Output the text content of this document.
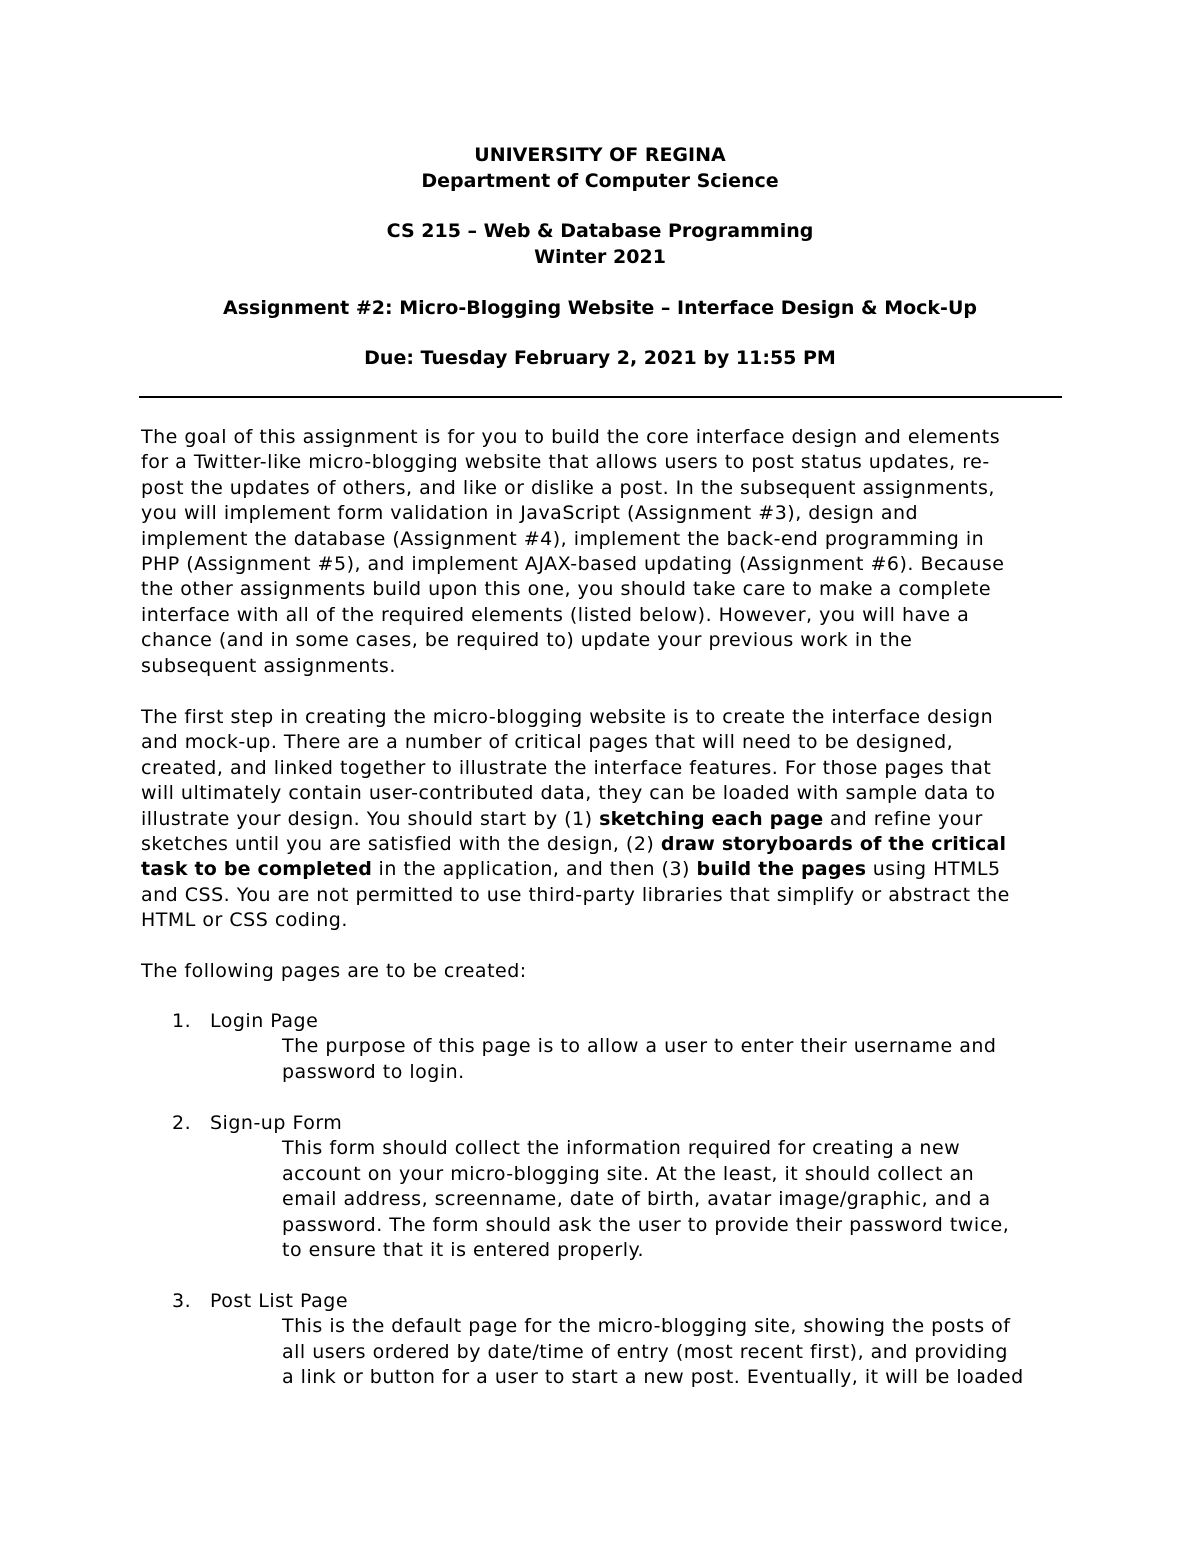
UNIVERSITY OF REGINA
Department of Computer Science
CS 215 – Web & Database Programming
Winter 2021
Assignment #2: Micro-Blogging Website – Interface Design & Mock-Up
Due: Tuesday February 2, 2021 by 11:55 PM

The goal of this assignment is for you to build the core interface design and elements
for a Twitter-like micro-blogging website that allows users to post status updates, re-
post the updates of others, and like or dislike a post. In the subsequent assignments,
you will implement form validation in JavaScript (Assignment #3), design and
implement the database (Assignment #4), implement the back-end programming in
PHP (Assignment #5), and implement AJAX-based updating (Assignment #6). Because
the other assignments build upon this one, you should take care to make a complete
interface with all of the required elements (listed below). However, you will have a
chance (and in some cases, be required to) update your previous work in the
subsequent assignments.

The first step in creating the micro-blogging website is to create the interface design
and mock-up. There are a number of critical pages that will need to be designed,
created, and linked together to illustrate the interface features. For those pages that
will ultimately contain user-contributed data, they can be loaded with sample data to
illustrate your design. You should start by (1) sketching each page and refine your
sketches until you are satisfied with the design, (2) draw storyboards of the critical
task to be completed in the application, and then (3) build the pages using HTML5
and CSS. You are not permitted to use third-party libraries that simplify or abstract the
HTML or CSS coding.

The following pages are to be created:

1. Login Page
The purpose of this page is to allow a user to enter their username and
password to login.
2. Sign-up Form
This form should collect the information required for creating a new
account on your micro-blogging site. At the least, it should collect an
email address, screenname, date of birth, avatar image/graphic, and a
password. The form should ask the user to provide their password twice,
to ensure that it is entered properly.
3. Post List Page
This is the default page for the micro-blogging site, showing the posts of
all users ordered by date/time of entry (most recent first), and providing
a link or button for a user to start a new post. Eventually, it will be loaded
